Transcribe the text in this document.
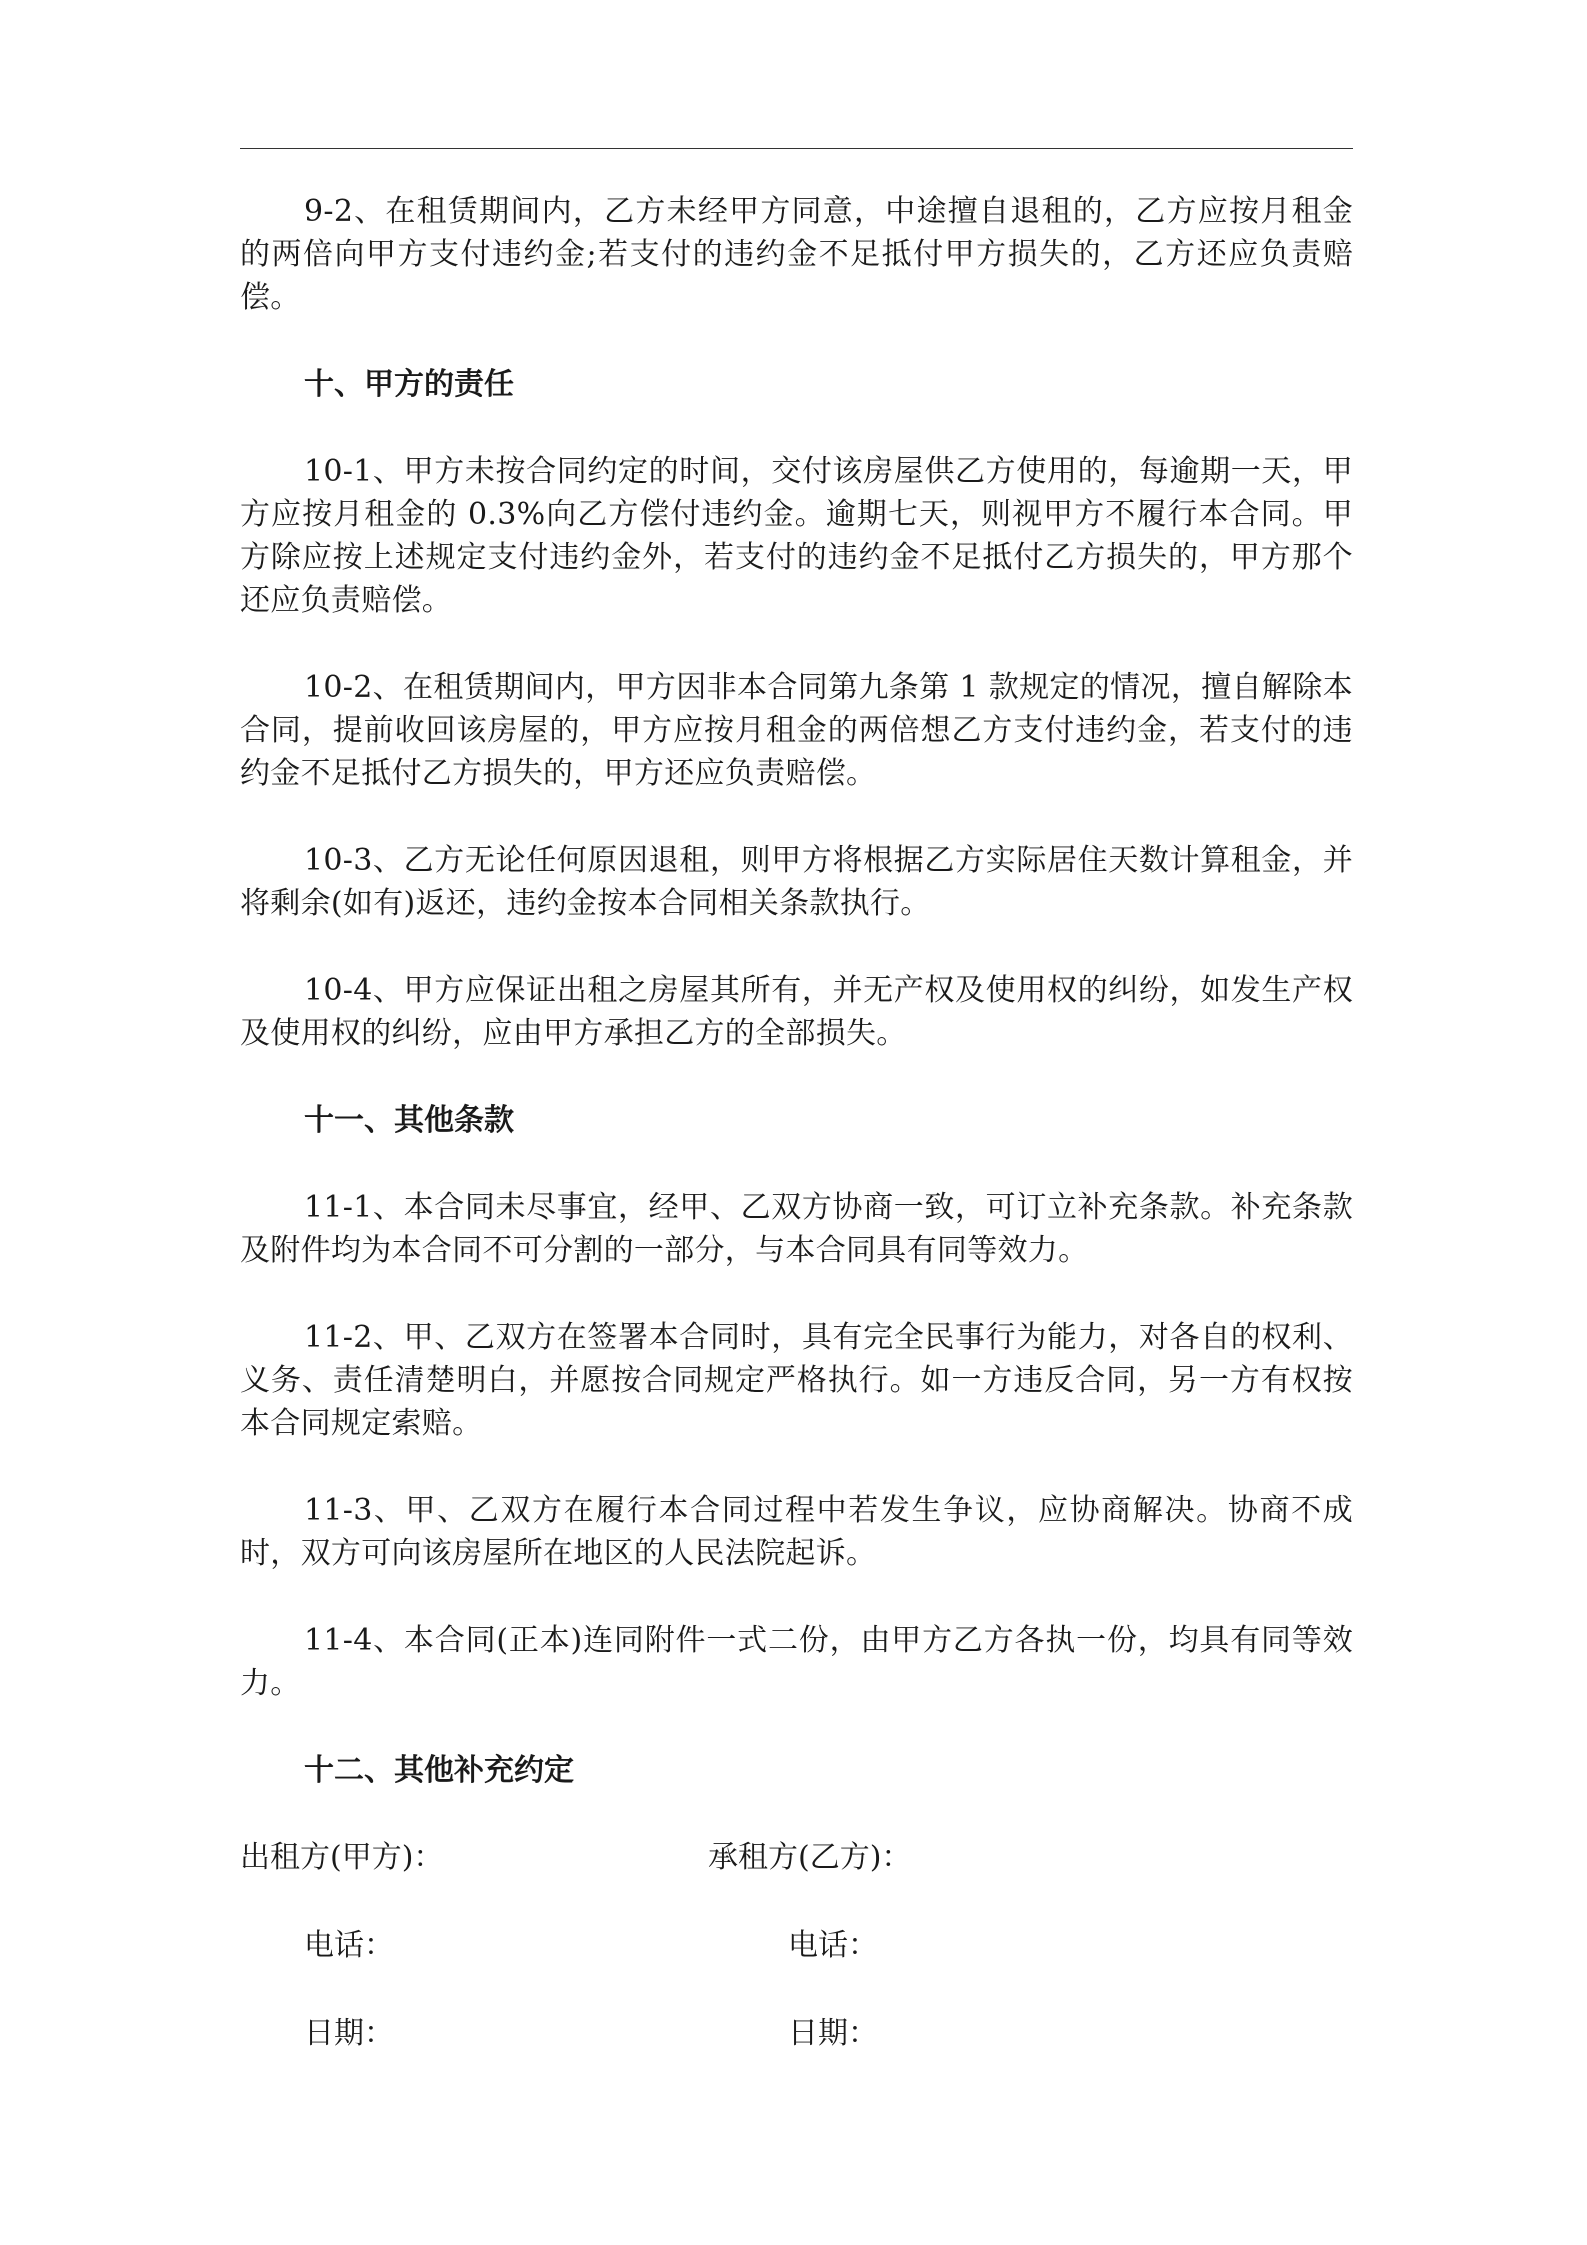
9-2、在租赁期间内，乙方未经甲方同意，中途擅自退租的，乙方应按月租金的两倍向甲方支付违约金;若支付的违约金不足抵付甲方损失的，乙方还应负责赔偿。

十、甲方的责任

10-1、甲方未按合同约定的时间，交付该房屋供乙方使用的，每逾期一天，甲方应按月租金的 0.3%向乙方偿付违约金。逾期七天，则视甲方不履行本合同。甲方除应按上述规定支付违约金外，若支付的违约金不足抵付乙方损失的，甲方那个还应负责赔偿。

10-2、在租赁期间内，甲方因非本合同第九条第 1 款规定的情况，擅自解除本合同，提前收回该房屋的，甲方应按月租金的两倍想乙方支付违约金，若支付的违约金不足抵付乙方损失的，甲方还应负责赔偿。

10-3、乙方无论任何原因退租，则甲方将根据乙方实际居住天数计算租金，并将剩余(如有)返还，违约金按本合同相关条款执行。

10-4、甲方应保证出租之房屋其所有，并无产权及使用权的纠纷，如发生产权及使用权的纠纷，应由甲方承担乙方的全部损失。

十一、其他条款

11-1、本合同未尽事宜，经甲、乙双方协商一致，可订立补充条款。补充条款及附件均为本合同不可分割的一部分，与本合同具有同等效力。

11-2、甲、乙双方在签署本合同时，具有完全民事行为能力，对各自的权利、义务、责任清楚明白，并愿按合同规定严格执行。如一方违反合同，另一方有权按本合同规定索赔。

11-3、甲、乙双方在履行本合同过程中若发生争议，应协商解决。协商不成时，双方可向该房屋所在地区的人民法院起诉。

11-4、本合同(正本)连同附件一式二份，由甲方乙方各执一份，均具有同等效力。

十二、其他补充约定

出租方(甲方)：	承租方(乙方)：
电话：	电话：
日期：	日期：
